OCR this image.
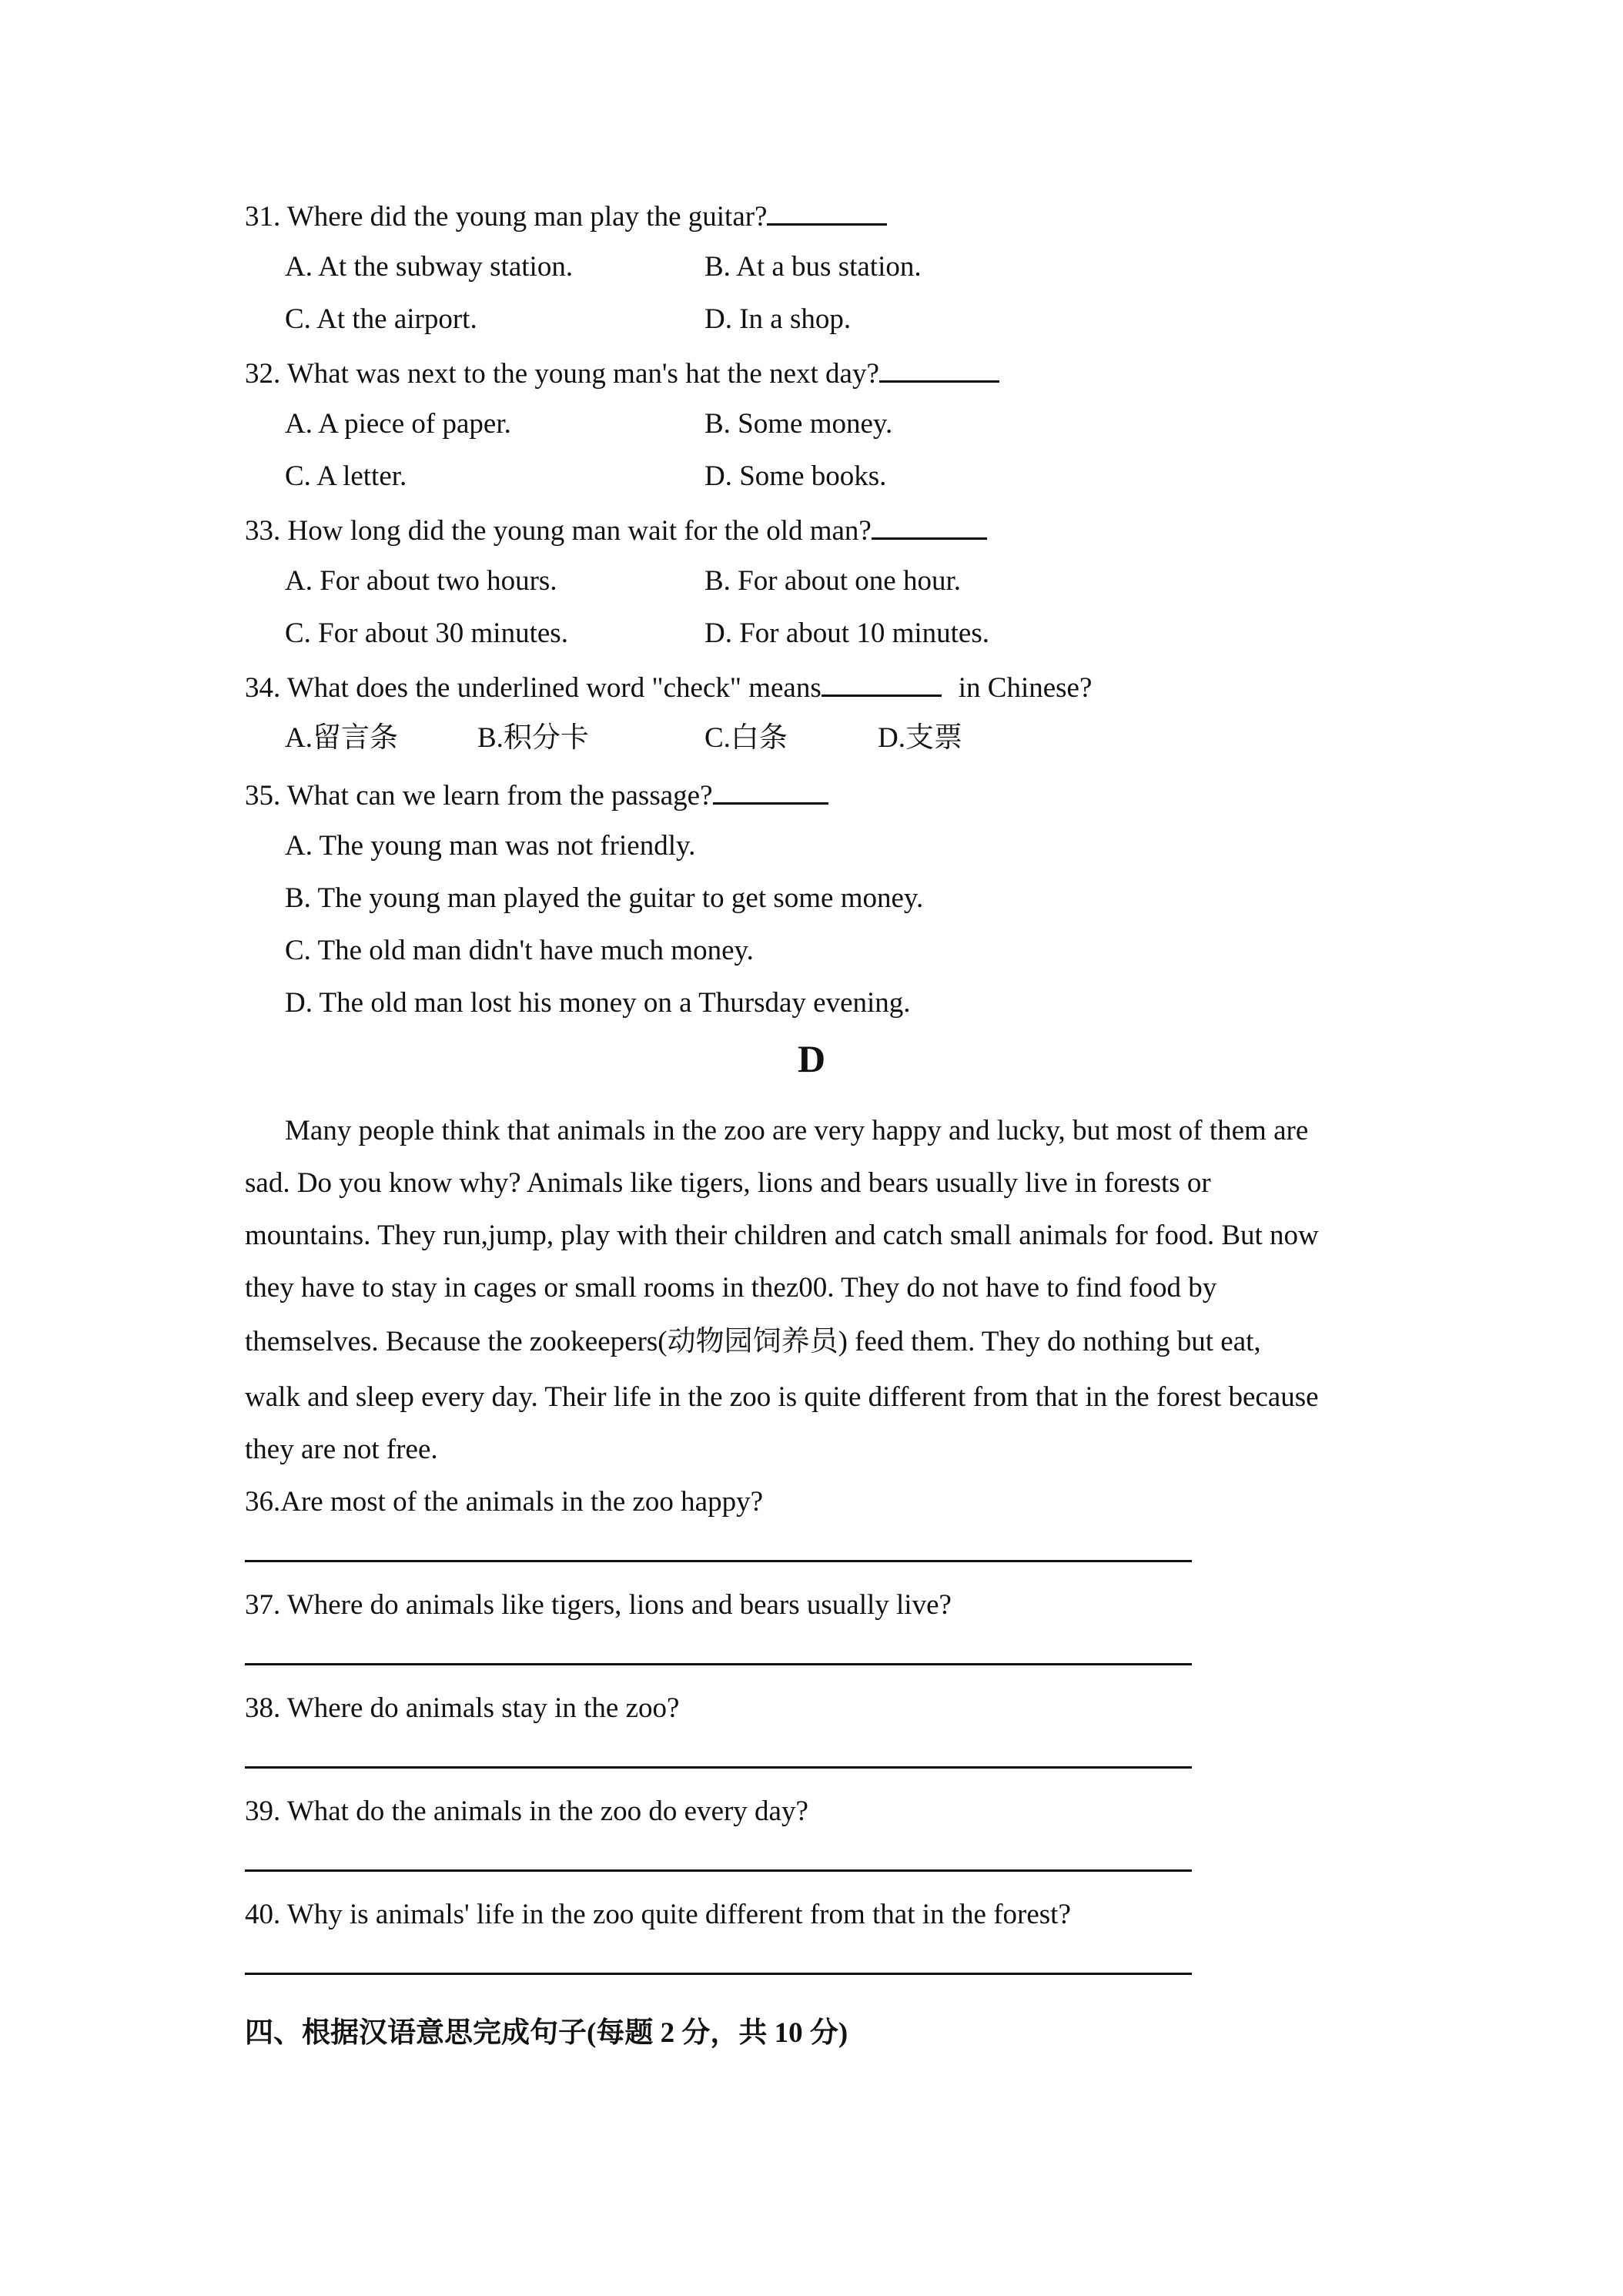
31. Where did the young man play the guitar?
A. At the subway station.	B. At a bus station.
C. At the airport.	D. In a shop.
32. What was next to the young man's hat the next day?
A. A piece of paper.	B. Some money.
C. A letter.	D. Some books.
33. How long did the young man wait for the old man?
A. For about two hours.	B. For about one hour.
C. For about 30 minutes.	D. For about 10 minutes.
34. What does the underlined word "check" means	in Chinese?
A.留言条	B.积分卡	C.白条	D.支票
35. What can we learn from the passage?
A. The young man was not friendly.
B. The young man played the guitar to get some money.
C. The old man didn't have much money.
D. The old man lost his money on a Thursday evening.
D
Many people think that animals in the zoo are very happy and lucky, but most of them are
sad. Do you know why? Animals like tigers, lions and bears usually live in forests or
mountains. They run,jump, play with their children and catch small animals for food. But now
they have to stay in cages or small rooms in thez00. They do not have to find food by
themselves. Because the zookeepers(动物园饲养员) feed them. They do nothing but eat,
walk and sleep every day. Their life in the zoo is quite different from that in the forest because
they are not free.
36.Are most of the animals in the zoo happy?
37. Where do animals like tigers, lions and bears usually live?
38. Where do animals stay in the zoo?
39. What do the animals in the zoo do every day?
40. Why is animals' life in the zoo quite different from that in the forest?
四、根据汉语意思完成句子(每题 2 分，共 10 分)
